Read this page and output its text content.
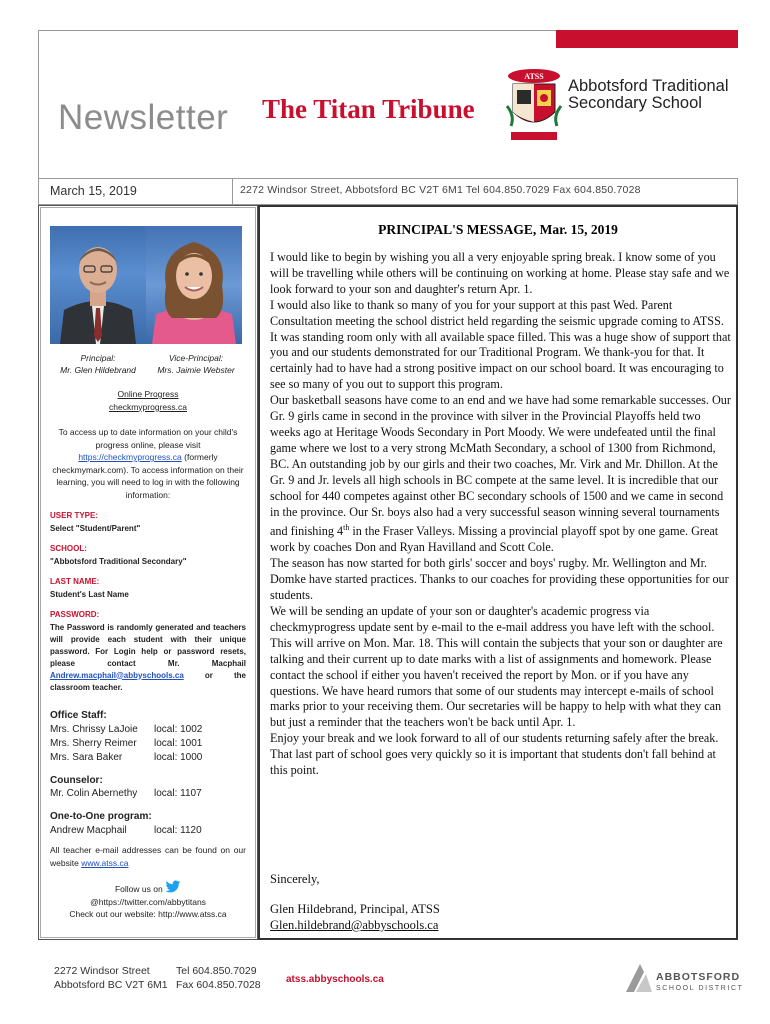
Newsletter The Titan Tribune
ATSS
Abbotsford Traditional
Secondary School
March 15, 2019	2272 Windsor Street, Abbotsford BC V2T 6M1 Tel 604.850.7029 Fax 604.850.7028
Principal:
Mr. Glen Hildebrand
Vice-Principal:
Mrs. Jaimie Webster
Online Progress
checkmyprogress.ca
To access up to date information on your child's progress online, please visit https://checkmyprogress.ca (formerly checkmymark.com). To access information on their learning, you will need to log in with the following information:
USER TYPE:
Select "Student/Parent"
SCHOOL:
"Abbotsford Traditional Secondary"
LAST NAME:
Student's Last Name
PASSWORD:
The Password is randomly generated and teachers will provide each student with their unique password. For Login help or password resets, please contact Mr. Macphail Andrew.macphail@abbyschools.ca or the classroom teacher.
Office Staff:
Mrs. Chrissy LaJoie	local: 1002
Mrs. Sherry Reimer	local: 1001
Mrs. Sara Baker	local: 1000
Counselor:
Mr. Colin Abernethy	local: 1107
One-to-One program:
Andrew Macphail	local: 1120
All teacher e-mail addresses can be found on our website www.atss.ca
Follow us on
@https://twitter.com/abbytitans
Check out our website: http://www.atss.ca
PRINCIPAL'S MESSAGE, Mar. 15, 2019
I would like to begin by wishing you all a very enjoyable spring break. I know some of you will be travelling while others will be continuing on working at home. Please stay safe and we look forward to your son and daughter's return Apr. 1.
I would also like to thank so many of you for your support at this past Wed. Parent Consultation meeting the school district held regarding the seismic upgrade coming to ATSS. It was standing room only with all available space filled. This was a huge show of support that you and our students demonstrated for our Traditional Program. We thank-you for that. It certainly had to have had a strong positive impact on our school board. It was encouraging to see so many of you out to support this program.
Our basketball seasons have come to an end and we have had some remarkable successes. Our Gr. 9 girls came in second in the province with silver in the Provincial Playoffs held two weeks ago at Heritage Woods Secondary in Port Moody. We were undefeated until the final game where we lost to a very strong McMath Secondary, a school of 1300 from Richmond, BC. An outstanding job by our girls and their two coaches, Mr. Virk and Mr. Dhillon. At the Gr. 9 and Jr. levels all high schools in BC compete at the same level. It is incredible that our school for 440 competes against other BC secondary schools of 1500 and we came in second in the province. Our Sr. boys also had a very successful season winning several tournaments and finishing 4th in the Fraser Valleys. Missing a provincial playoff spot by one game. Great work by coaches Don and Ryan Havilland and Scott Cole.
The season has now started for both girls' soccer and boys' rugby. Mr. Wellington and Mr. Domke have started practices. Thanks to our coaches for providing these opportunities for our students.
We will be sending an update of your son or daughter's academic progress via checkmyprogress update sent by e-mail to the e-mail address you have left with the school. This will arrive on Mon. Mar. 18. This will contain the subjects that your son or daughter are talking and their current up to date marks with a list of assignments and homework. Please contact the school if either you haven't received the report by Mon. or if you have any questions. We have heard rumors that some of our students may intercept e-mails of school marks prior to your receiving them. Our secretaries will be happy to help with what they can but just a reminder that the teachers won't be back until Apr. 1.
Enjoy your break and we look forward to all of our students returning safely after the break. That last part of school goes very quickly so it is important that students don't fall behind at this point.
Sincerely,
Glen Hildebrand, Principal, ATSS
Glen.hildebrand@abbyschools.ca
2272 Windsor Street
Abbotsford BC V2T 6M1
Tel 604.850.7029
Fax 604.850.7028	atss.abbyschools.ca	ABBOTSFORD
SCHOOL DISTRICT
